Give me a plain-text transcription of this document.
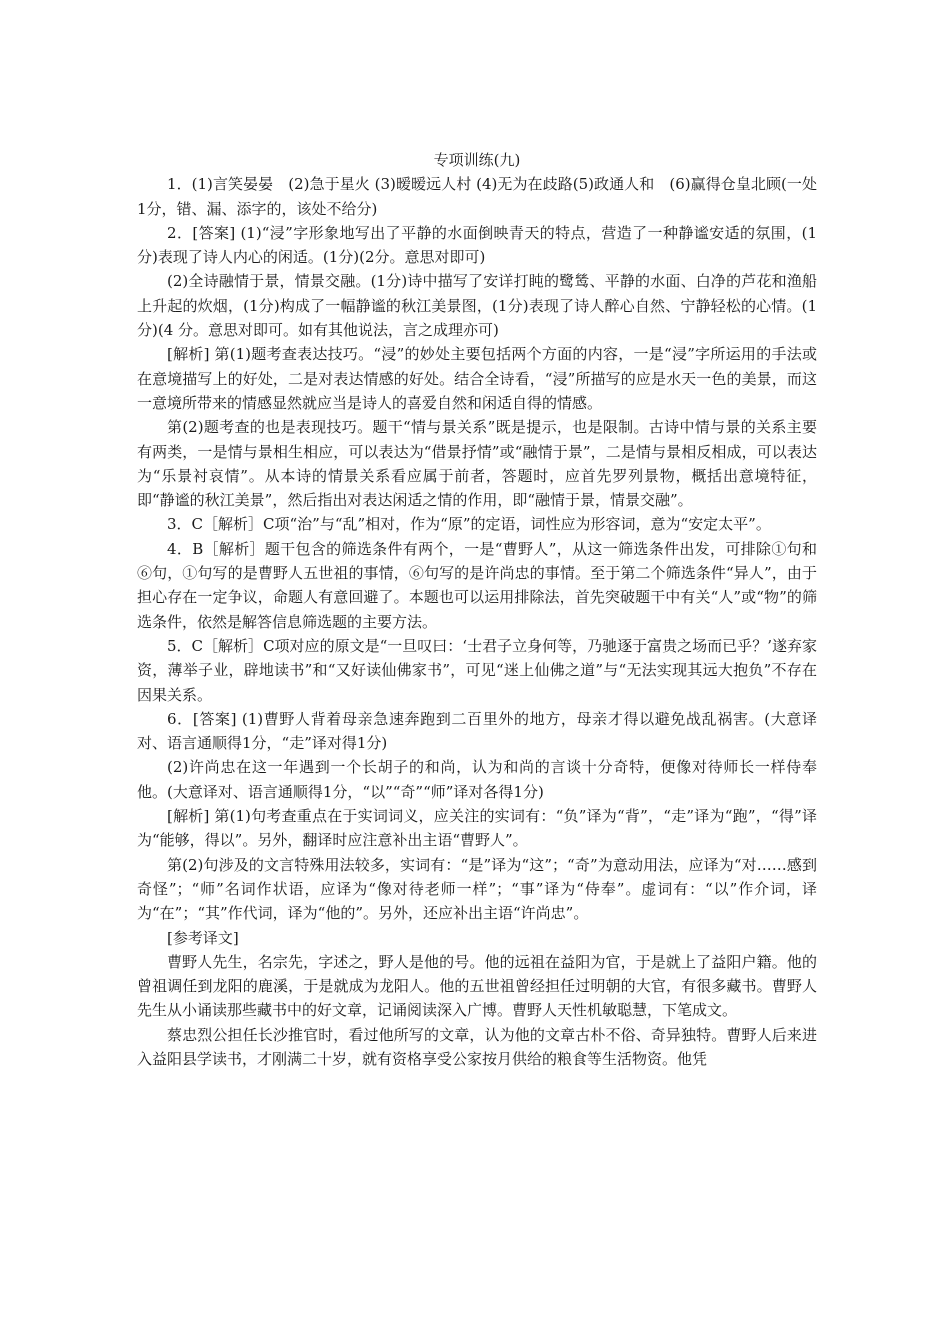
专项训练(九)

1．(1)言笑晏晏　(2)急于星火 (3)暧暧远人村 (4)无为在歧路(5)政通人和　(6)赢得仓皇北顾(一处1分，错、漏、添字的，该处不给分)

2．[答案] (1)“浸”字形象地写出了平静的水面倒映青天的特点，营造了一种静谧安适的氛围，(1分)表现了诗人内心的闲适。(1分)(2分。意思对即可)

(2)全诗融情于景，情景交融。(1分)诗中描写了安详打盹的鹭鸶、平静的水面、白净的芦花和渔船上升起的炊烟，(1分)构成了一幅静谧的秋江美景图，(1分)表现了诗人醉心自然、宁静轻松的心情。(1分)(4 分。意思对即可。如有其他说法，言之成理亦可)

[解析] 第(1)题考查表达技巧。“浸”的妙处主要包括两个方面的内容，一是“浸”字所运用的手法或在意境描写上的好处，二是对表达情感的好处。结合全诗看，“浸”所描写的应是水天一色的美景，而这一意境所带来的情感显然就应当是诗人的喜爱自然和闲适自得的情感。

第(2)题考查的也是表现技巧。题干“情与景关系”既是提示，也是限制。古诗中情与景的关系主要有两类，一是情与景相生相应，可以表达为“借景抒情”或“融情于景”，二是情与景相反相成，可以表达为“乐景衬哀情”。从本诗的情景关系看应属于前者，答题时，应首先罗列景物，概括出意境特征，即“静谧的秋江美景”，然后指出对表达闲适之情的作用，即“融情于景，情景交融”。

3．C［解析］C项“治”与“乱”相对，作为“原”的定语，词性应为形容词，意为“安定太平”。

4．B［解析］题干包含的筛选条件有两个，一是“曹野人”，从这一筛选条件出发，可排除①句和⑥句，①句写的是曹野人五世祖的事情，⑥句写的是许尚忠的事情。至于第二个筛选条件“异人”，由于担心存在一定争议，命题人有意回避了。本题也可以运用排除法，首先突破题干中有关“人”或“物”的筛选条件，依然是解答信息筛选题的主要方法。

5．C［解析］C项对应的原文是“一旦叹曰：‘士君子立身何等，乃驰逐于富贵之场而已乎？’遂弃家资，薄举子业，辟地读书”和“又好读仙佛家书”，可见“迷上仙佛之道”与“无法实现其远大抱负”不存在因果关系。

6．[答案] (1)曹野人背着母亲急速奔跑到二百里外的地方，母亲才得以避免战乱祸害。(大意译对、语言通顺得1分，“走”译对得1分)

(2)许尚忠在这一年遇到一个长胡子的和尚，认为和尚的言谈十分奇特，便像对待师长一样侍奉他。(大意译对、语言通顺得1分，“以”“奇”“师”译对各得1分)

[解析] 第(1)句考查重点在于实词词义，应关注的实词有：“负”译为“背”，“走”译为“跑”，“得”译为“能够，得以”。另外，翻译时应注意补出主语“曹野人”。

第(2)句涉及的文言特殊用法较多，实词有：“是”译为“这”；“奇”为意动用法，应译为“对……感到奇怪”；“师”名词作状语，应译为“像对待老师一样”；“事”译为“侍奉”。虚词有：“以”作介词，译为“在”；“其”作代词，译为“他的”。另外，还应补出主语“许尚忠”。

[参考译文]

曹野人先生，名宗先，字述之，野人是他的号。他的远祖在益阳为官，于是就上了益阳户籍。他的曾祖调任到龙阳的鹿溪，于是就成为龙阳人。他的五世祖曾经担任过明朝的大官，有很多藏书。曹野人先生从小诵读那些藏书中的好文章，记诵阅读深入广博。曹野人天性机敏聪慧，下笔成文。

蔡忠烈公担任长沙推官时，看过他所写的文章，认为他的文章古朴不俗、奇异独特。曹野人后来进入益阳县学读书，才刚满二十岁，就有资格享受公家按月供给的粮食等生活物资。他凭
